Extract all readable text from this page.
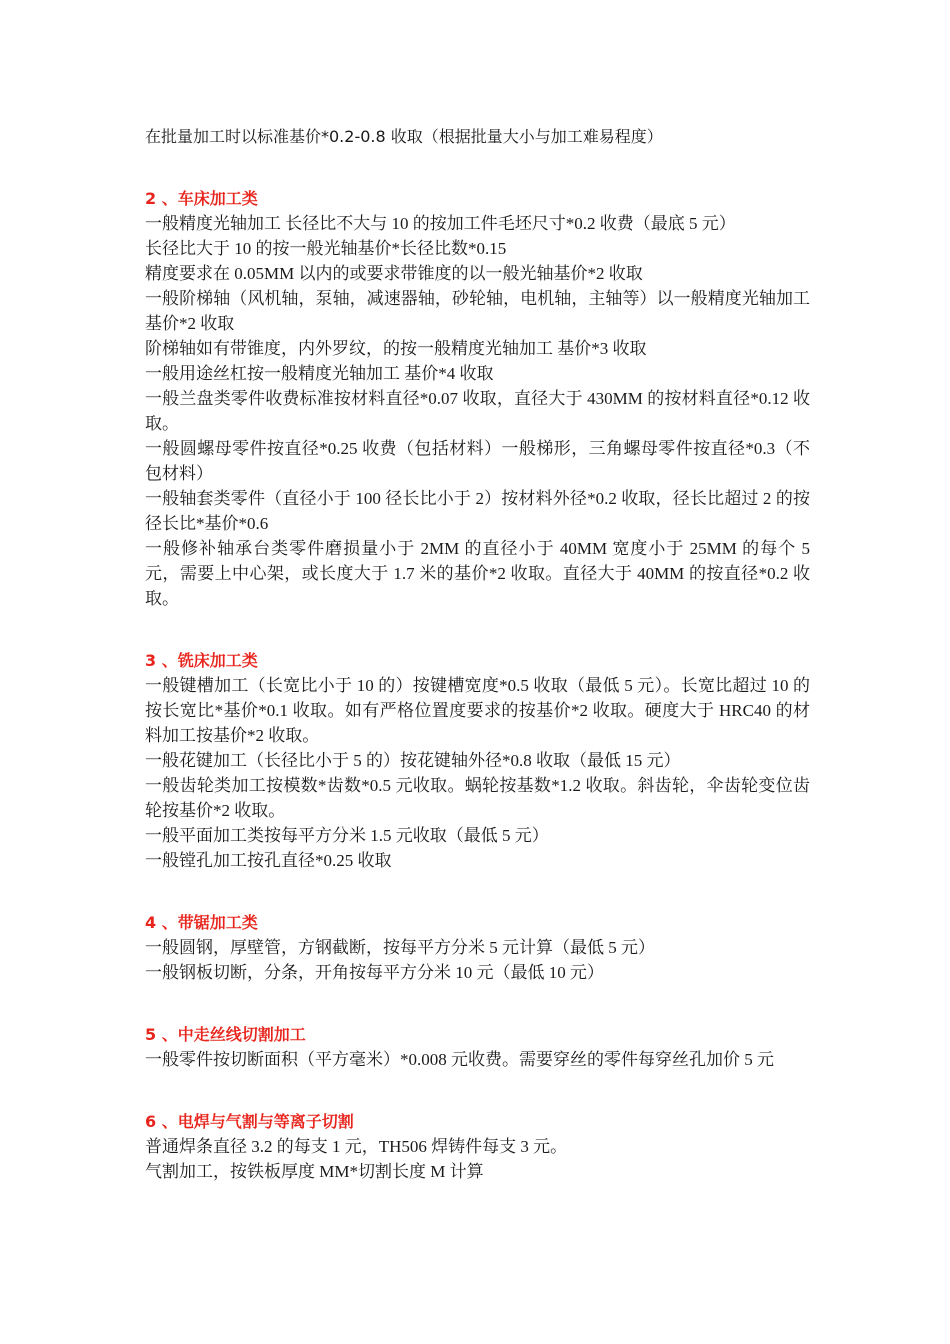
在批量加工时以标准基价*0.2-0.8 收取（根据批量大小与加工难易程度）

2 、车床加工类

一般精度光轴加工 长径比不大与 10 的按加工件毛坯尺寸*0.2 收费（最底 5 元）

长径比大于 10 的按一般光轴基价*长径比数*0.15

精度要求在 0.05MM 以内的或要求带锥度的以一般光轴基价*2 收取

一般阶梯轴（风机轴，泵轴，减速器轴，砂轮轴，电机轴，主轴等）以一般精度光轴加工 基价*2 收取

阶梯轴如有带锥度，内外罗纹，的按一般精度光轴加工 基价*3 收取

一般用途丝杠按一般精度光轴加工 基价*4 收取

一般兰盘类零件收费标准按材料直径*0.07 收取，直径大于 430MM 的按材料直径*0.12 收取。

一般圆螺母零件按直径*0.25 收费（包括材料）一般梯形，三角螺母零件按直径*0.3（不包材料）

一般轴套类零件（直径小于 100 径长比小于 2）按材料外径*0.2 收取，径长比超过 2 的按径长比*基价*0.6

一般修补轴承台类零件磨损量小于 2MM 的直径小于 40MM 宽度小于 25MM 的每个 5 元，需要上中心架，或长度大于 1.7 米的基价*2 收取。直径大于 40MM 的按直径*0.2 收取。

3 、铣床加工类

一般键槽加工（长宽比小于 10 的）按键槽宽度*0.5 收取（最低 5 元）。长宽比超过 10 的按长宽比*基价*0.1 收取。如有严格位置度要求的按基价*2 收取。硬度大于 HRC40 的材料加工按基价*2 收取。

一般花键加工（长径比小于 5 的）按花键轴外径*0.8 收取（最低 15 元）

一般齿轮类加工按模数*齿数*0.5 元收取。蜗轮按基数*1.2 收取。斜齿轮，伞齿轮变位齿轮按基价*2 收取。

一般平面加工类按每平方分米 1.5 元收取（最低 5 元）

一般镗孔加工按孔直径*0.25 收取

4 、带锯加工类

一般圆钢，厚壁管，方钢截断，按每平方分米 5 元计算（最低 5 元）

一般钢板切断，分条，开角按每平方分米 10 元（最低 10 元）

5 、中走丝线切割加工

一般零件按切断面积（平方毫米）*0.008 元收费。需要穿丝的零件每穿丝孔加价 5 元

6 、电焊与气割与等离子切割

普通焊条直径 3.2 的每支 1 元，TH506 焊铸件每支 3 元。

气割加工，按铁板厚度 MM*切割长度 M 计算
